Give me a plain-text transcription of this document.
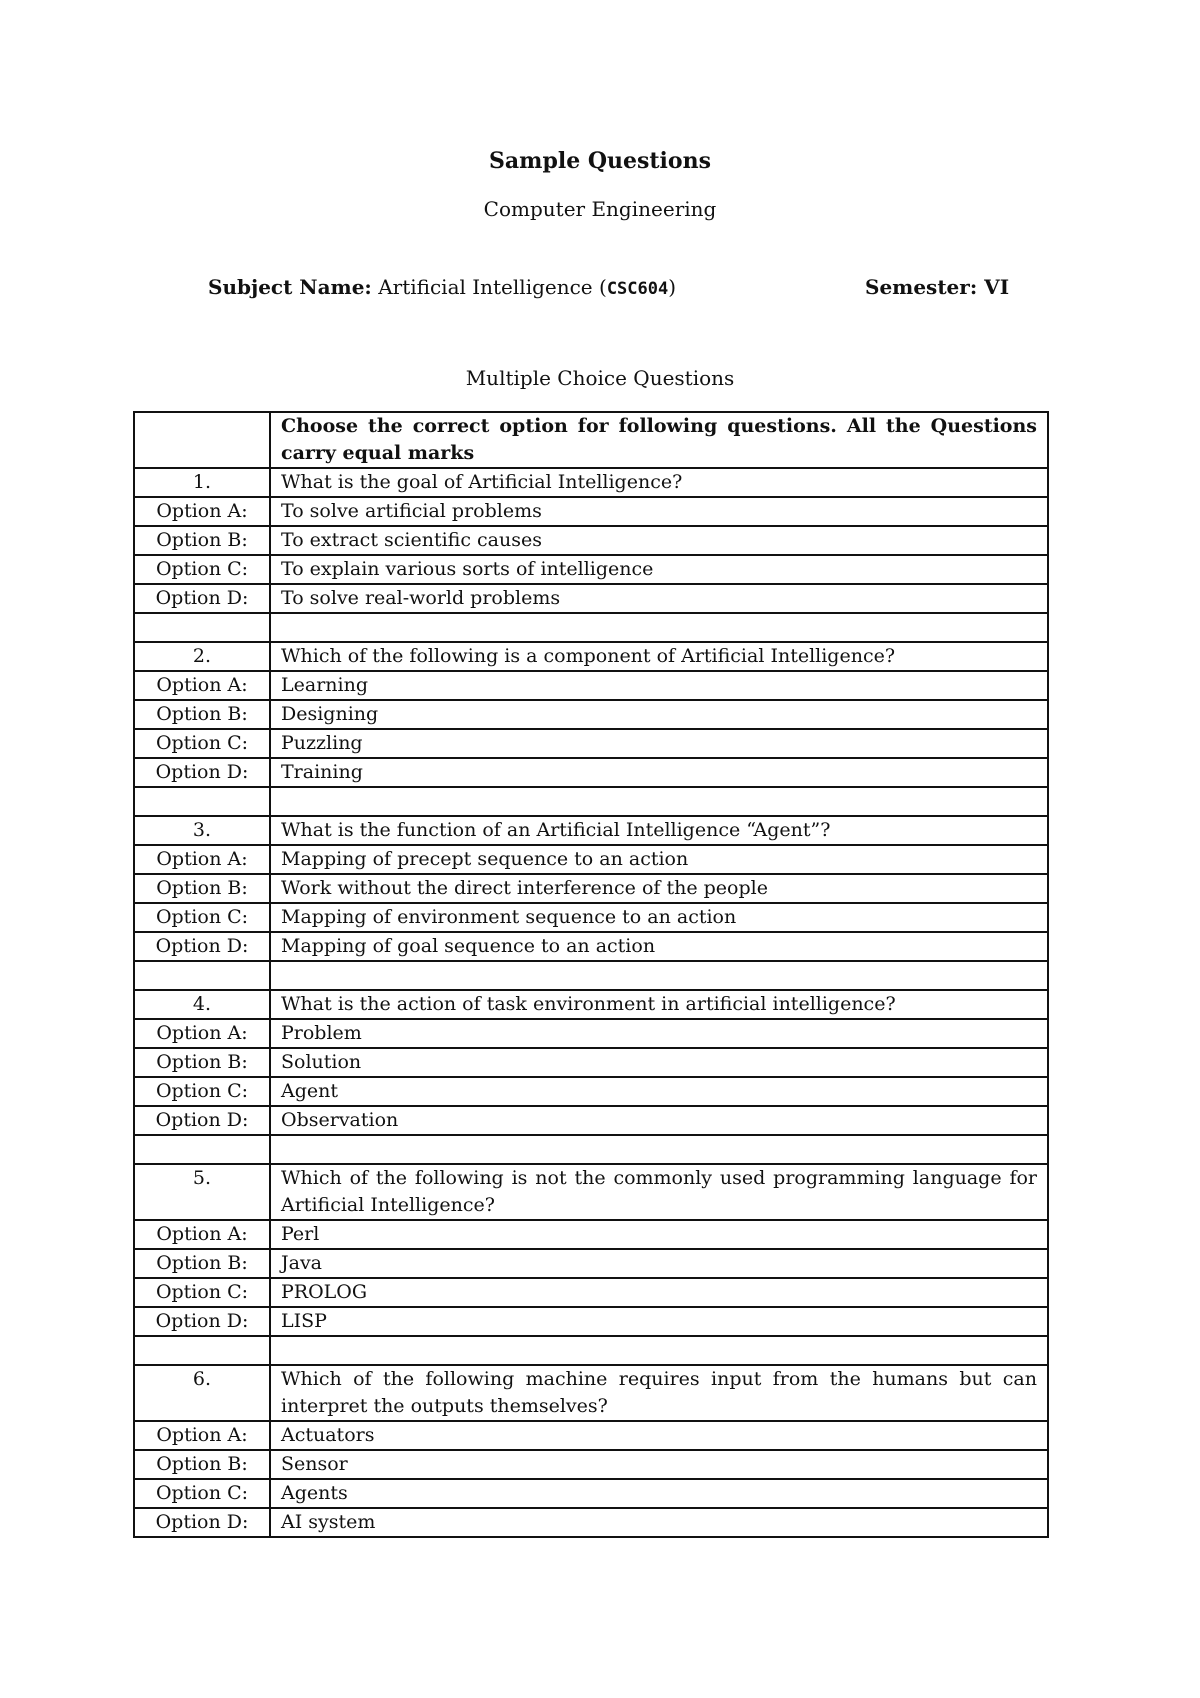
Sample Questions
Computer Engineering
Subject Name: Artificial Intelligence (CSC604)	Semester: VI
Multiple Choice Questions
	Choose the correct option for following questions. All the Questions carry equal marks
1.	What is the goal of Artificial Intelligence?
Option A:	To solve artificial problems
Option B:	To extract scientific causes
Option C:	To explain various sorts of intelligence
Option D:	To solve real-world problems

2.	Which of the following is a component of Artificial Intelligence?
Option A:	Learning
Option B:	Designing
Option C:	Puzzling
Option D:	Training

3.	What is the function of an Artificial Intelligence “Agent”?
Option A:	Mapping of precept sequence to an action
Option B:	Work without the direct interference of the people
Option C:	Mapping of environment sequence to an action
Option D:	Mapping of goal sequence to an action

4.	What is the action of task environment in artificial intelligence?
Option A:	Problem
Option B:	Solution
Option C:	Agent
Option D:	Observation

5.	Which of the following is not the commonly used programming language for Artificial Intelligence?
Option A:	Perl
Option B:	Java
Option C:	PROLOG
Option D:	LISP

6.	Which of the following machine requires input from the humans but can interpret the outputs themselves?
Option A:	Actuators
Option B:	Sensor
Option C:	Agents
Option D:	AI system
